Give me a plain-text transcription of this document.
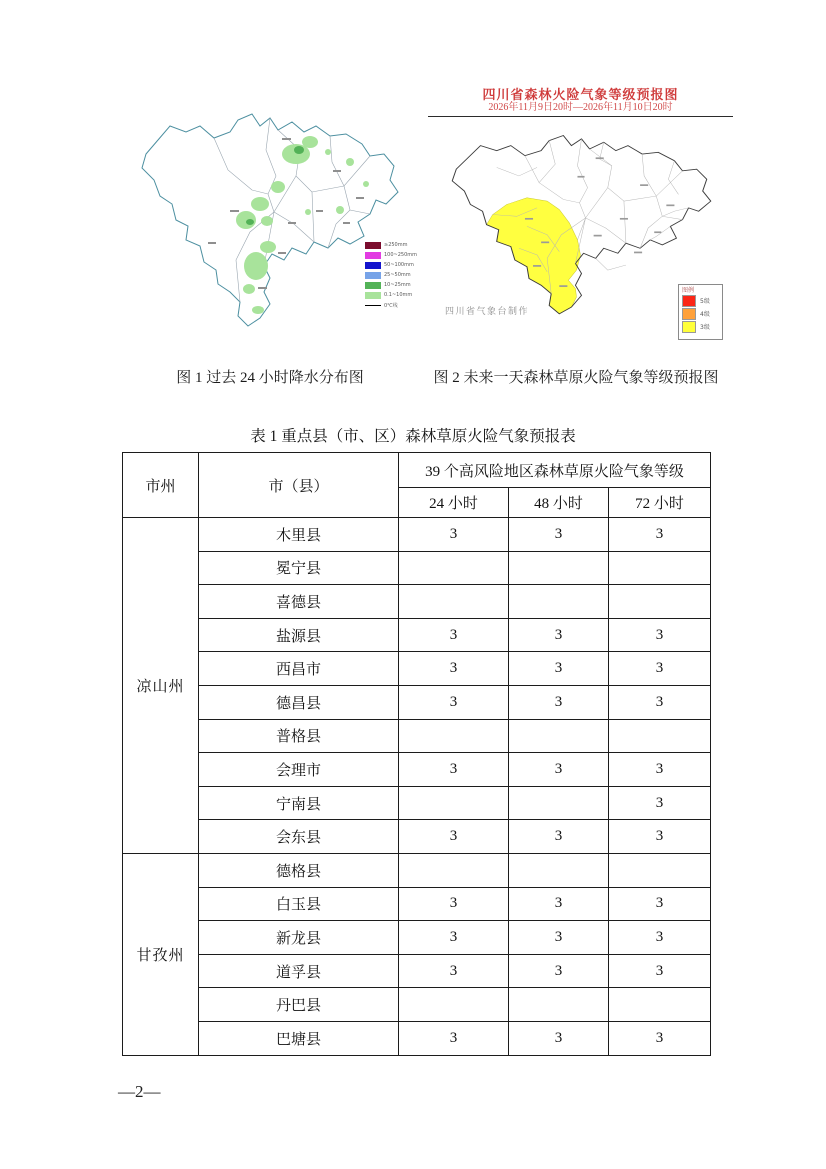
≥250mm
100~250mm
50~100mm
25~50mm
10~25mm
0.1~10mm
0℃线
四川省森林火险气象等级预报图
2026年11月9日20时—2026年11月10日20时
图例
5级
4级
3级
四川省气象台制作
图 1 过去 24 小时降水分布图	图 2 未来一天森林草原火险气象等级预报图
表 1 重点县（市、区）森林草原火险气象预报表
市州	市（县）	39 个高风险地区森林草原火险气象等级		
		24 小时	48 小时	72 小时
凉山州	木里县	3	3	3
	冕宁县			
	喜德县			
	盐源县	3	3	3
	西昌市	3	3	3
	德昌县	3	3	3
	普格县			
	会理市	3	3	3
	宁南县			3
	会东县	3	3	3
甘孜州	德格县			
	白玉县	3	3	3
	新龙县	3	3	3
	道孚县	3	3	3
	丹巴县			
	巴塘县	3	3	3
—2—
